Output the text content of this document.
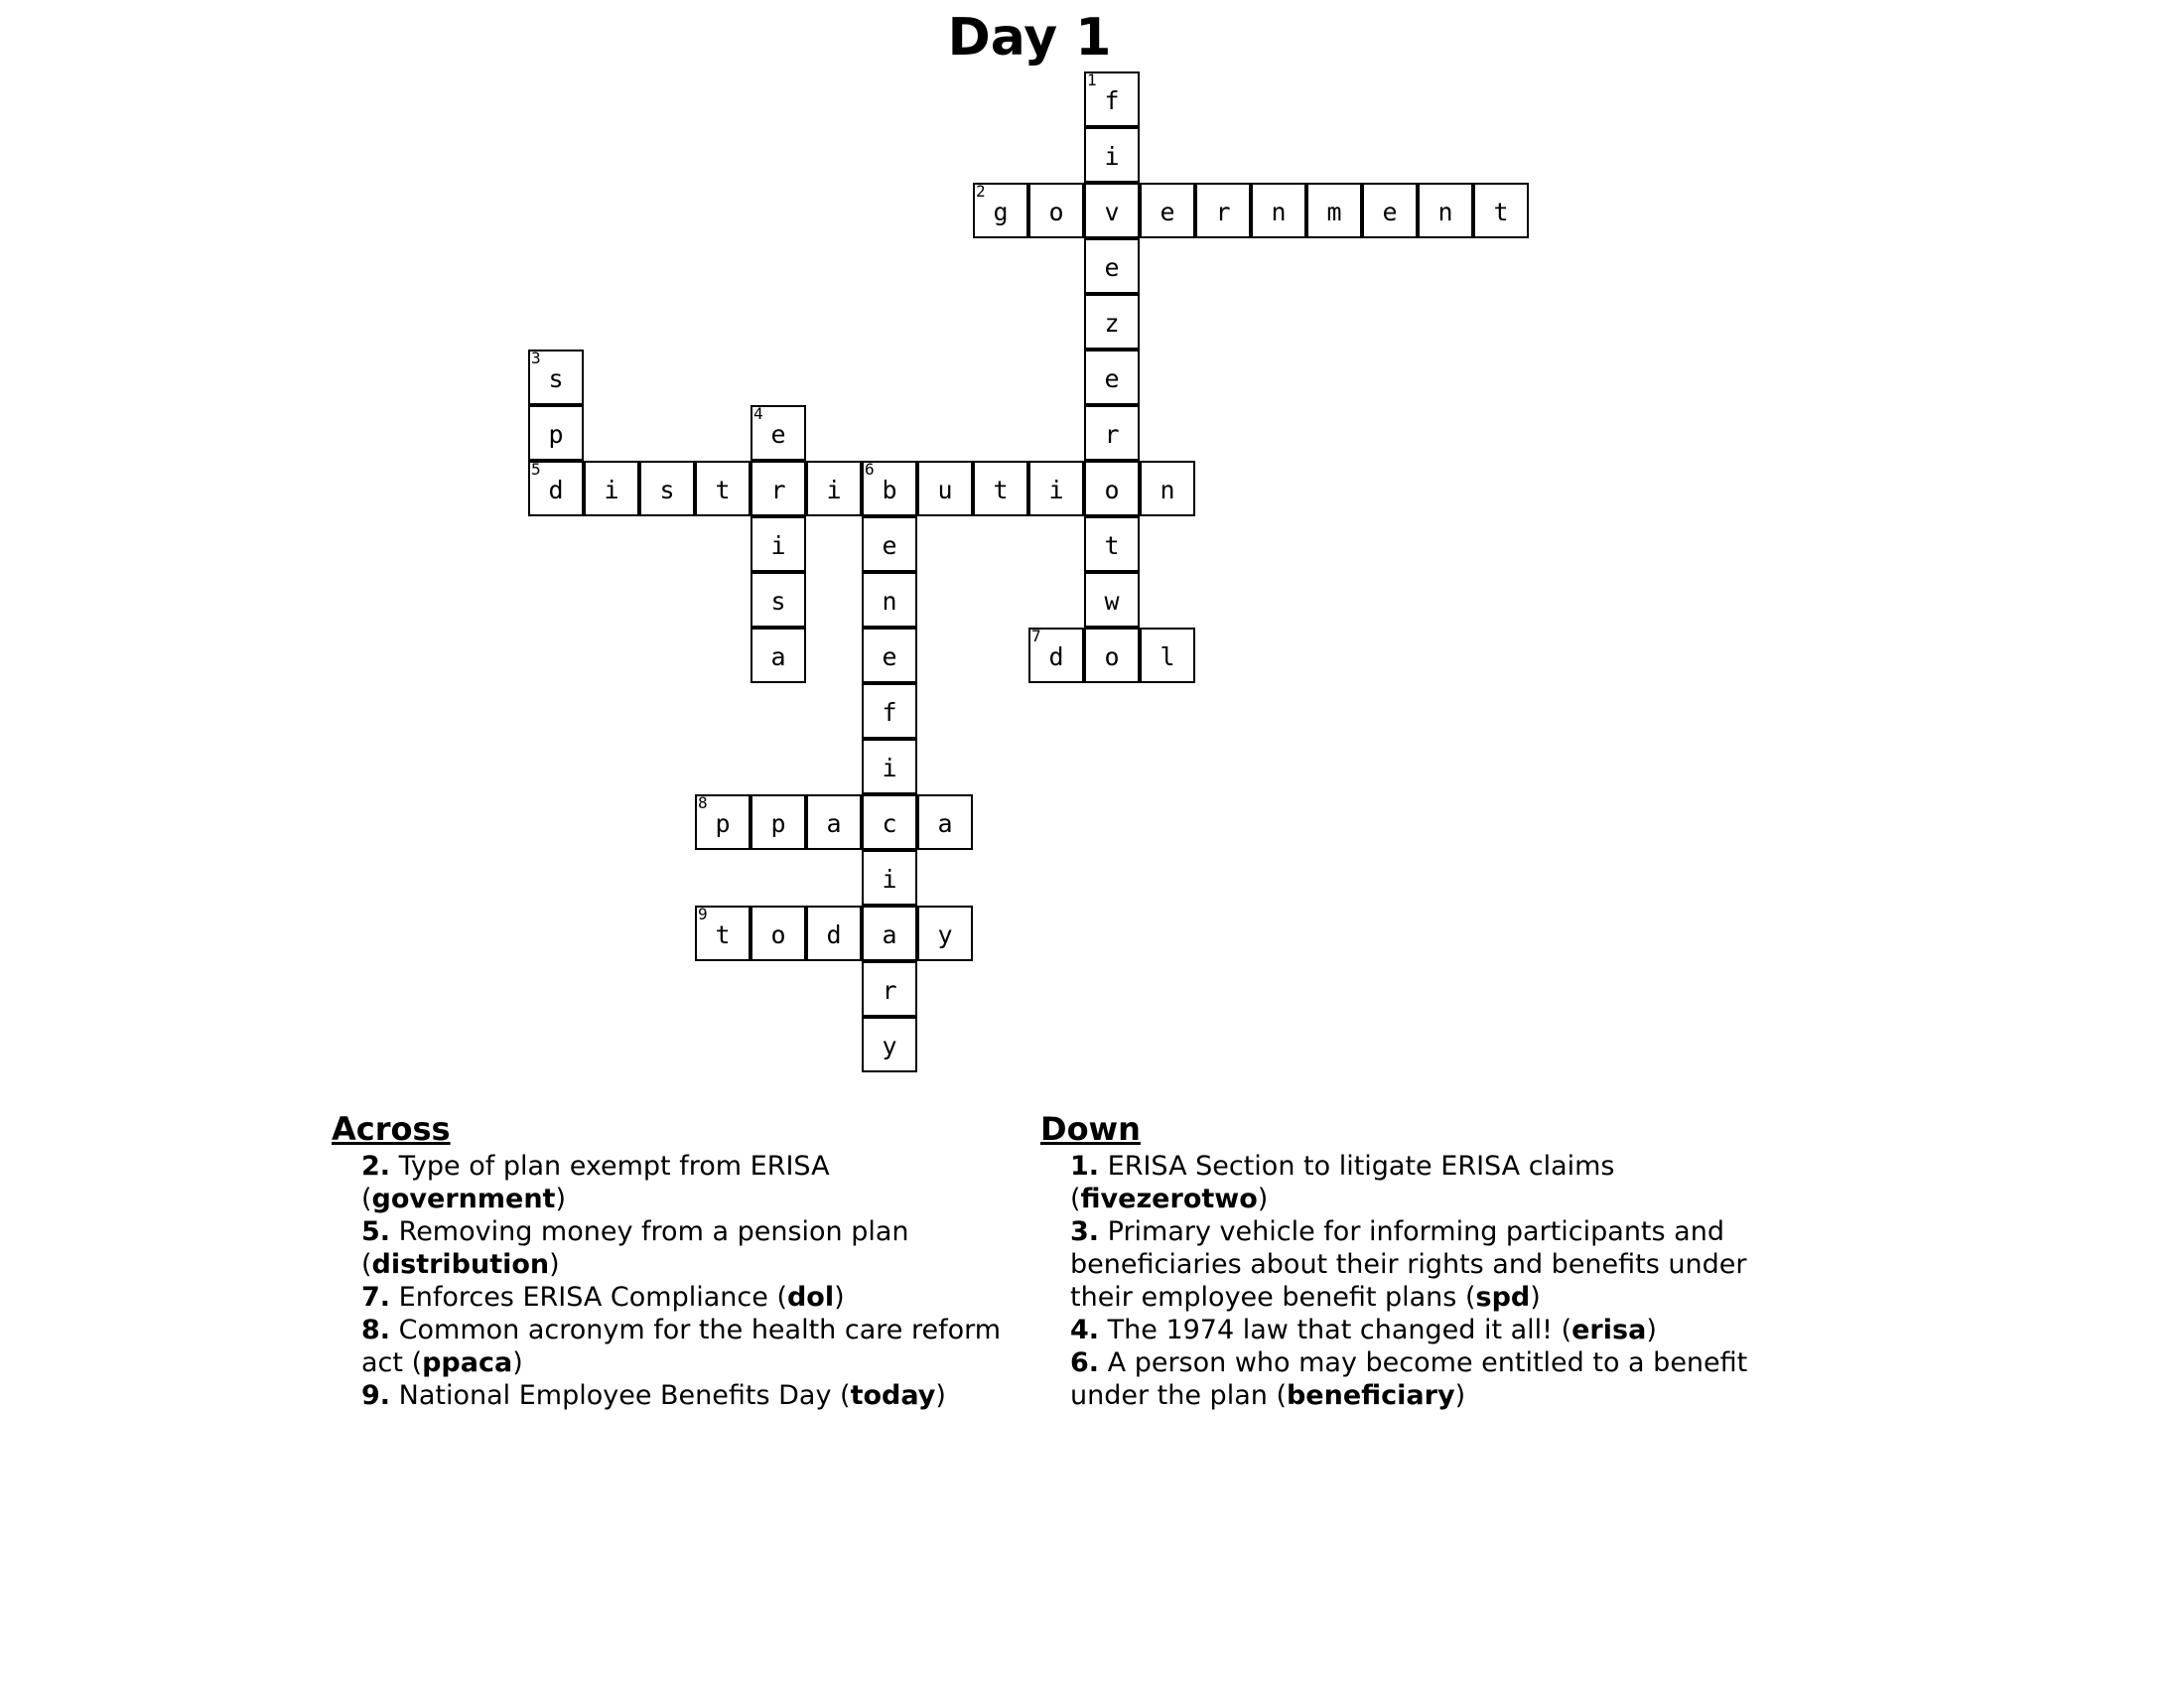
Day 1
1
f
i
v
e
z
e
r
o
t
w
o
2
g	o	e	r	n	m	e	n	t
3
s
p
5
d
4
e
r
i
s
a
i	s	t	i
6
b	u	t	i	n
e
n
e
f
i
c
i
a
r
y
7
d	l
8
p	p	a	a
9
t	o	d	y
Across
2. Type of plan exempt from ERISA (government)
5. Removing money from a pension plan (distribution)
7. Enforces ERISA Compliance (dol)
8. Common acronym for the health care reform act (ppaca)
9. National Employee Benefits Day (today)
Down
1. ERISA Section to litigate ERISA claims (fivezerotwo)
3. Primary vehicle for informing participants and beneficiaries about their rights and benefits under their employee benefit plans (spd)
4. The 1974 law that changed it all! (erisa)
6. A person who may become entitled to a benefit under the plan (beneficiary)
